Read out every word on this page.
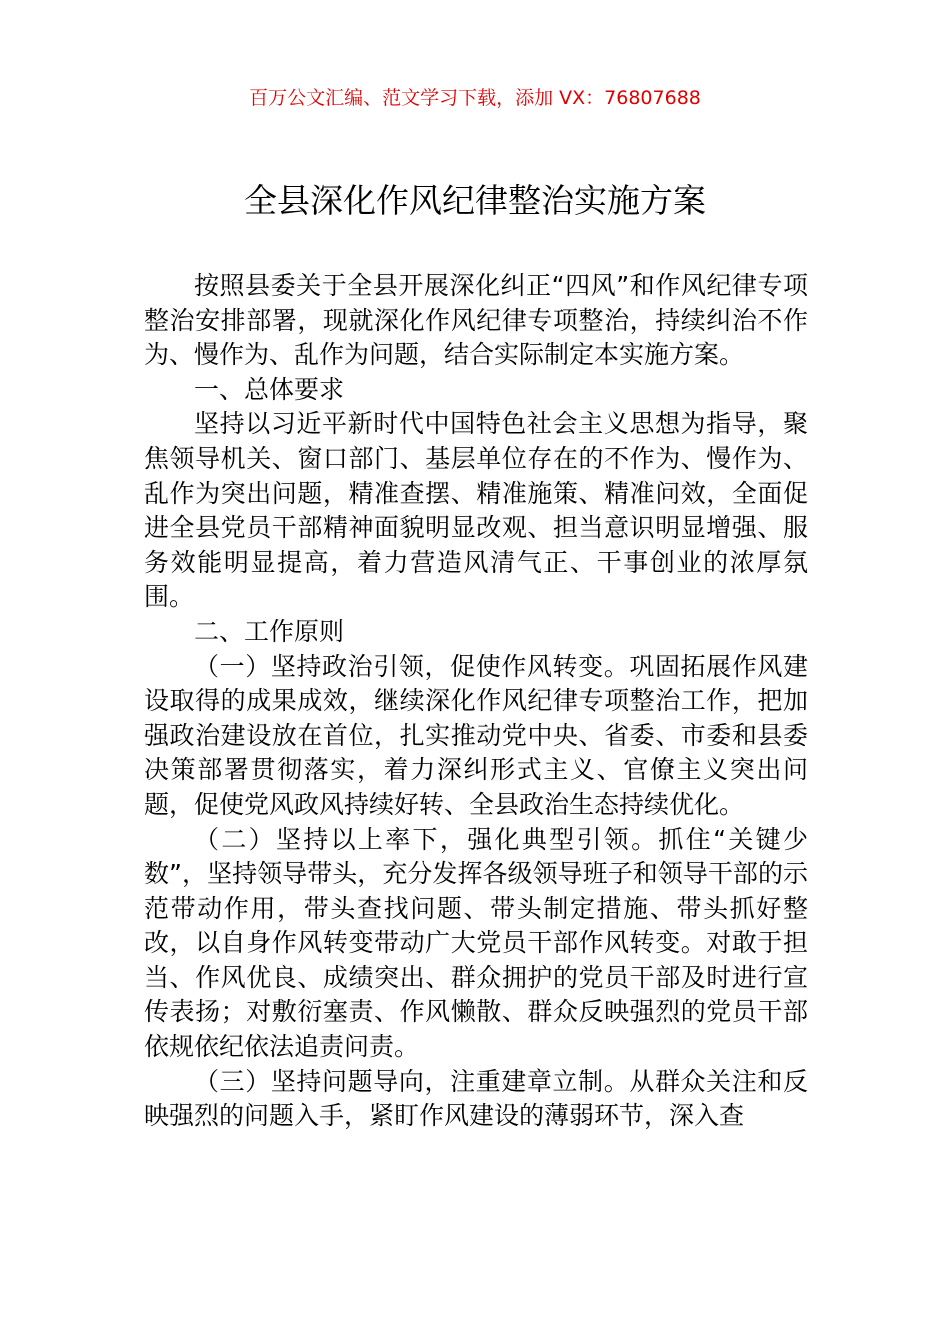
百万公文汇编、范文学习下载，添加 VX：76807688
全县深化作风纪律整治实施方案

按照县委关于全县开展深化纠正“四风”和作风纪律专项整治安排部署，现就深化作风纪律专项整治，持续纠治不作为、慢作为、乱作为问题，结合实际制定本实施方案。

一、总体要求

坚持以习近平新时代中国特色社会主义思想为指导，聚焦领导机关、窗口部门、基层单位存在的不作为、慢作为、乱作为突出问题，精准查摆、精准施策、精准问效，全面促进全县党员干部精神面貌明显改观、担当意识明显增强、服务效能明显提高，着力营造风清气正、干事创业的浓厚氛围。

二、工作原则

（一）坚持政治引领，促使作风转变。巩固拓展作风建设取得的成果成效，继续深化作风纪律专项整治工作，把加强政治建设放在首位，扎实推动党中央、省委、市委和县委决策部署贯彻落实，着力深纠形式主义、官僚主义突出问题，促使党风政风持续好转、全县政治生态持续优化。

（二）坚持以上率下，强化典型引领。抓住“关键少数”，坚持领导带头，充分发挥各级领导班子和领导干部的示范带动作用，带头查找问题、带头制定措施、带头抓好整改，以自身作风转变带动广大党员干部作风转变。对敢于担当、作风优良、成绩突出、群众拥护的党员干部及时进行宣传表扬；对敷衍塞责、作风懒散、群众反映强烈的党员干部依规依纪依法追责问责。

（三）坚持问题导向，注重建章立制。从群众关注和反映强烈的问题入手，紧盯作风建设的薄弱环节，深入查
